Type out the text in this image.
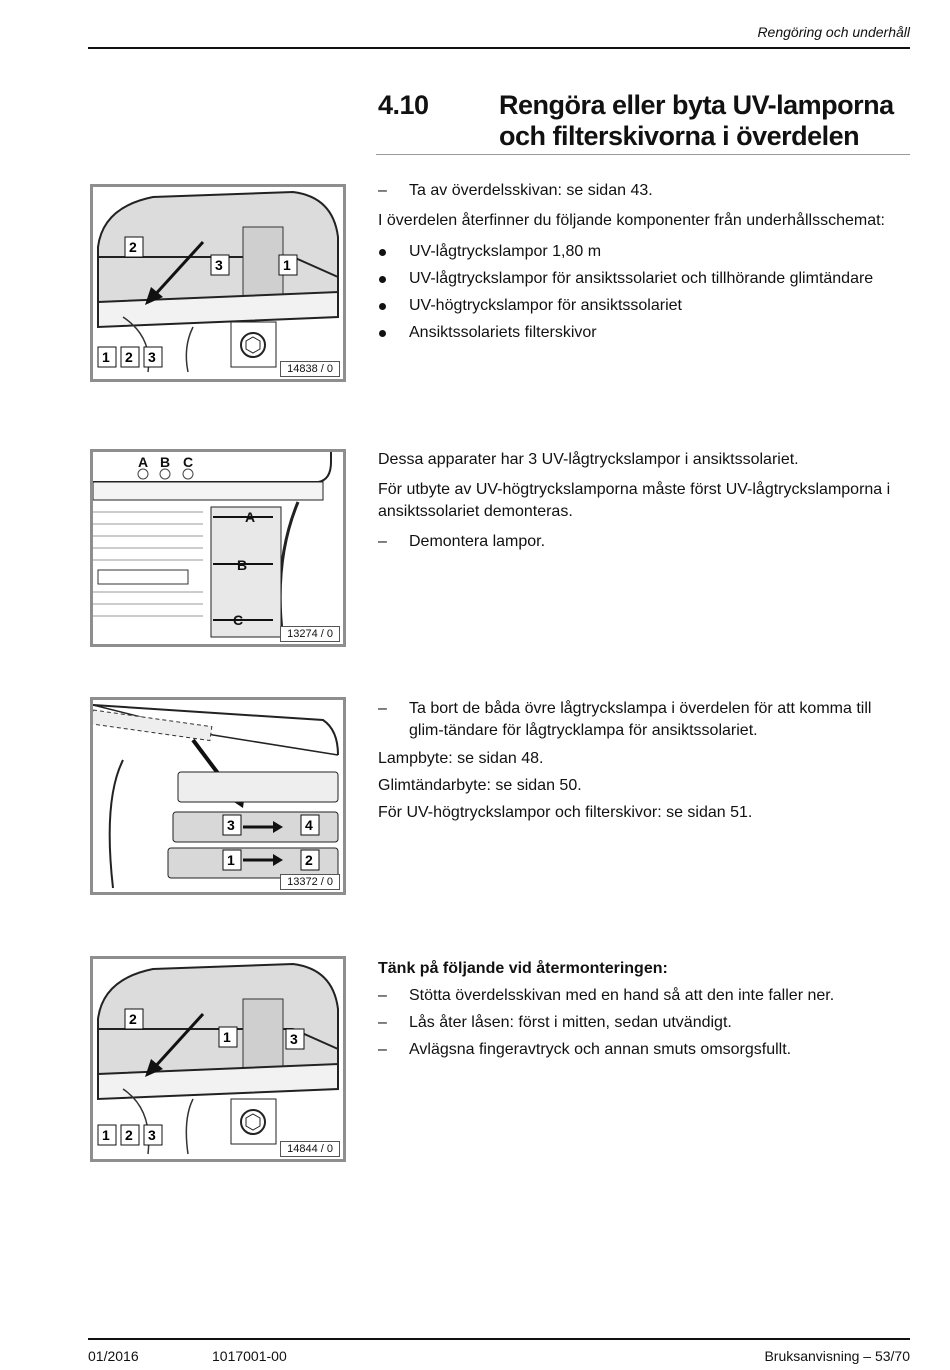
Rengöring och underhåll
4.10	Rengöra eller byta UV-lamporna och filterskivorna i överdelen
– Ta av överdelsskivan: se sidan 43.
I överdelen återfinner du följande komponenter från underhållsschemat:
UV-lågtryckslampor 1,80 m
UV-lågtryckslampor för ansiktssolariet och tillhörande glimtändare
UV-högtryckslampor för ansiktssolariet
Ansiktssolariets filterskivor
2
3	1
1 2 3
14838 / 0
Dessa apparater har 3 UV-lågtryckslampor i ansiktssolariet.
För utbyte av UV-högtryckslamporna måste först UV-lågtryckslamporna i ansiktssolariet demonteras.
– Demontera lampor.
A B C
A
B
C
13274 / 0
– Ta bort de båda övre lågtryckslampa i överdelen för att komma till glim-tändare för lågtrycklampa för ansiktssolariet.
Lampbyte: se sidan 48.
Glimtändarbyte: se sidan 50.
För UV-högtryckslampor och filterskivor: se sidan 51.
3	4
1	2
13372 / 0
Tänk på följande vid återmonteringen:
– Stötta överdelsskivan med en hand så att den inte faller ner.
– Lås åter låsen: först i mitten, sedan utvändigt.
– Avlägsna fingeravtryck och annan smuts omsorgsfullt.
2
1	3
1 2 3
14844 / 0
01/2016	1017001-00	Bruksanvisning – 53/70
